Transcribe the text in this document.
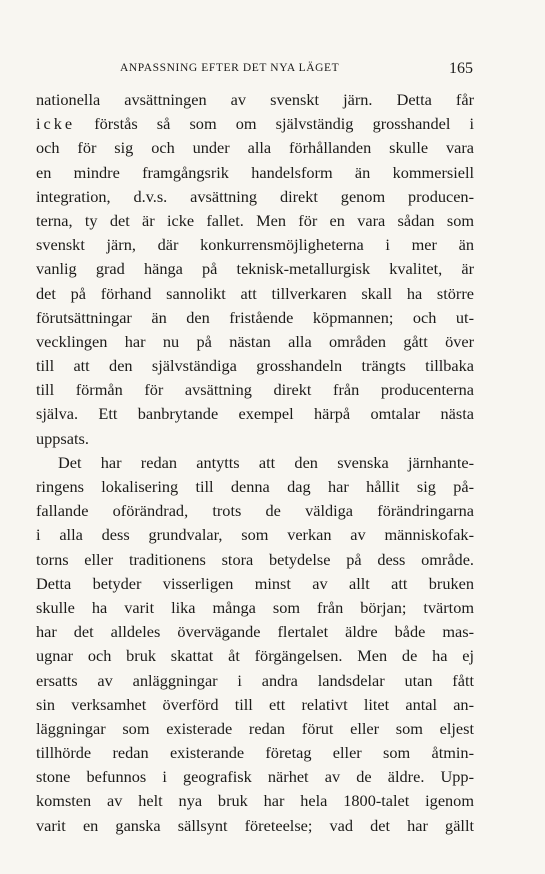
ANPASSNING EFTER DET NYA LÄGET	165
nationella avsättningen av svenskt järn. Detta får
icke förstås så som om självständig grosshandel i
och för sig och under alla förhållanden skulle vara
en mindre framgångsrik handelsform än kommersiell
integration, d.v.s. avsättning direkt genom producen-
terna, ty det är icke fallet. Men för en vara sådan som
svenskt järn, där konkurrensmöjligheterna i mer än
vanlig grad hänga på teknisk-metallurgisk kvalitet, är
det på förhand sannolikt att tillverkaren skall ha större
förutsättningar än den fristående köpmannen; och ut-
vecklingen har nu på nästan alla områden gått över
till att den självständiga grosshandeln trängts tillbaka
till förmån för avsättning direkt från producenterna
själva. Ett banbrytande exempel härpå omtalar nästa
uppsats.
Det har redan antytts att den svenska järnhante-
ringens lokalisering till denna dag har hållit sig på-
fallande oförändrad, trots de väldiga förändringarna
i alla dess grundvalar, som verkan av människofak-
torns eller traditionens stora betydelse på dess område.
Detta betyder visserligen minst av allt att bruken
skulle ha varit lika många som från början; tvärtom
har det alldeles övervägande flertalet äldre både mas-
ugnar och bruk skattat åt förgängelsen. Men de ha ej
ersatts av anläggningar i andra landsdelar utan fått
sin verksamhet överförd till ett relativt litet antal an-
läggningar som existerade redan förut eller som eljest
tillhörde redan existerande företag eller som åtmin-
stone befunnos i geografisk närhet av de äldre. Upp-
komsten av helt nya bruk har hela 1800-talet igenom
varit en ganska sällsynt företeelse; vad det har gällt
